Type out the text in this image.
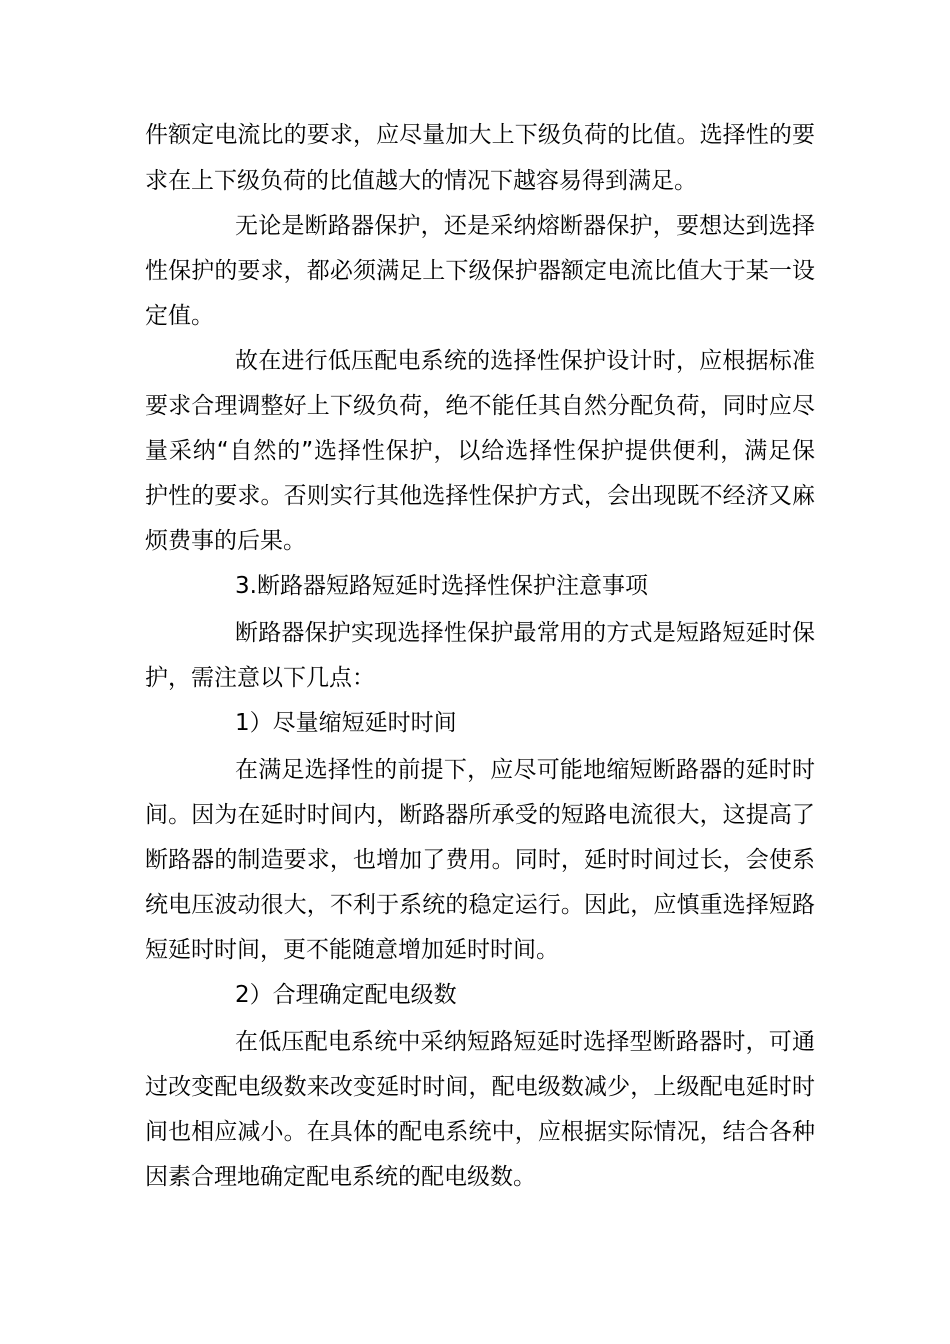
件额定电流比的要求，应尽量加大上下级负荷的比值。选择性的要
求在上下级负荷的比值越大的情况下越容易得到满足。
无论是断路器保护，还是采纳熔断器保护，要想达到选择
性保护的要求，都必须满足上下级保护器额定电流比值大于某一设
定值。
故在进行低压配电系统的选择性保护设计时，应根据标准
要求合理调整好上下级负荷，绝不能任其自然分配负荷，同时应尽
量采纳“自然的”选择性保护，以给选择性保护提供便利，满足保
护性的要求。否则实行其他选择性保护方式，会出现既不经济又麻
烦费事的后果。
3.断路器短路短延时选择性保护注意事项
断路器保护实现选择性保护最常用的方式是短路短延时保
护，需注意以下几点：
1）尽量缩短延时时间
在满足选择性的前提下，应尽可能地缩短断路器的延时时
间。因为在延时时间内，断路器所承受的短路电流很大，这提高了
断路器的制造要求，也增加了费用。同时，延时时间过长，会使系
统电压波动很大，不利于系统的稳定运行。因此，应慎重选择短路
短延时时间，更不能随意增加延时时间。
2）合理确定配电级数
在低压配电系统中采纳短路短延时选择型断路器时，可通
过改变配电级数来改变延时时间，配电级数减少，上级配电延时时
间也相应减小。在具体的配电系统中，应根据实际情况，结合各种
因素合理地确定配电系统的配电级数。
